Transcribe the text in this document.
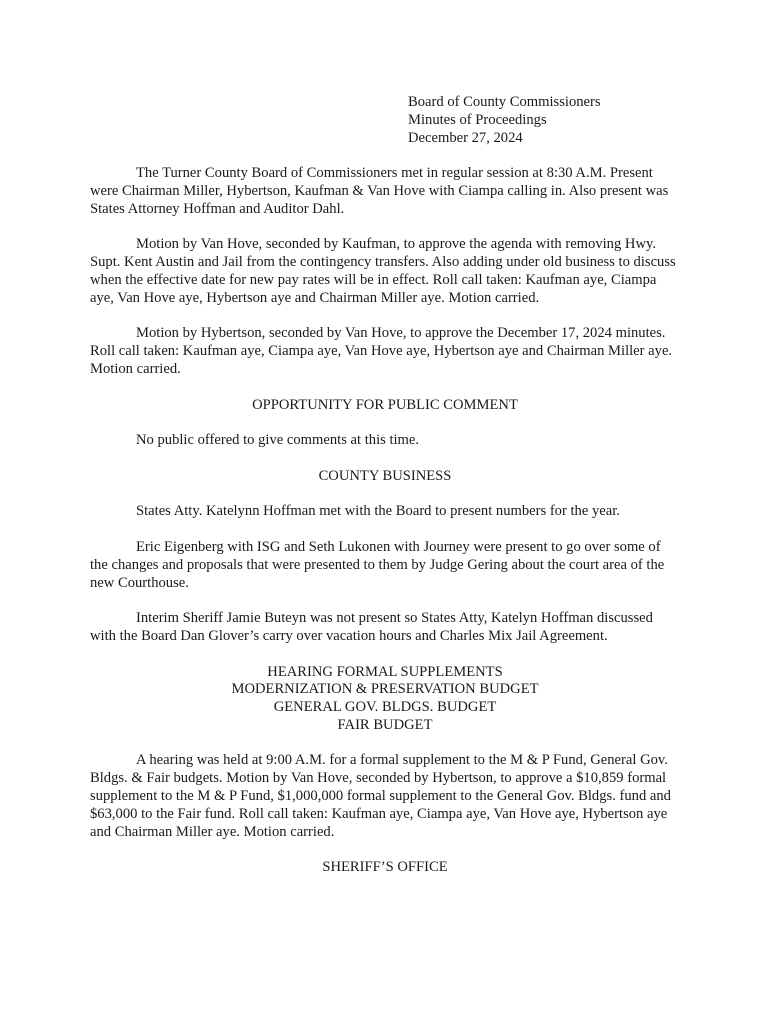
Board of County Commissioners
Minutes of Proceedings
December 27, 2024

The Turner County Board of Commissioners met in regular session at 8:30 A.M. Present were Chairman Miller, Hybertson, Kaufman & Van Hove with Ciampa calling in. Also present was States Attorney Hoffman and Auditor Dahl.

Motion by Van Hove, seconded by Kaufman, to approve the agenda with removing Hwy. Supt. Kent Austin and Jail from the contingency transfers. Also adding under old business to discuss when the effective date for new pay rates will be in effect. Roll call taken: Kaufman aye, Ciampa aye, Van Hove aye, Hybertson aye and Chairman Miller aye. Motion carried.

Motion by Hybertson, seconded by Van Hove, to approve the December 17, 2024 minutes. Roll call taken: Kaufman aye, Ciampa aye, Van Hove aye, Hybertson aye and Chairman Miller aye. Motion carried.

OPPORTUNITY FOR PUBLIC COMMENT

No public offered to give comments at this time.

COUNTY BUSINESS

States Atty. Katelynn Hoffman met with the Board to present numbers for the year.

Eric Eigenberg with ISG and Seth Lukonen with Journey were present to go over some of the changes and proposals that were presented to them by Judge Gering about the court area of the new Courthouse.

Interim Sheriff Jamie Buteyn was not present so States Atty, Katelyn Hoffman discussed with the Board Dan Glover’s carry over vacation hours and Charles Mix Jail Agreement.

HEARING FORMAL SUPPLEMENTS
MODERNIZATION & PRESERVATION BUDGET
GENERAL GOV. BLDGS. BUDGET
FAIR BUDGET

A hearing was held at 9:00 A.M. for a formal supplement to the M & P Fund, General Gov. Bldgs. & Fair budgets. Motion by Van Hove, seconded by Hybertson, to approve a $10,859 formal supplement to the M & P Fund, $1,000,000 formal supplement to the General Gov. Bldgs. fund and $63,000 to the Fair fund. Roll call taken: Kaufman aye, Ciampa aye, Van Hove aye, Hybertson aye and Chairman Miller aye. Motion carried.

SHERIFF’S OFFICE
